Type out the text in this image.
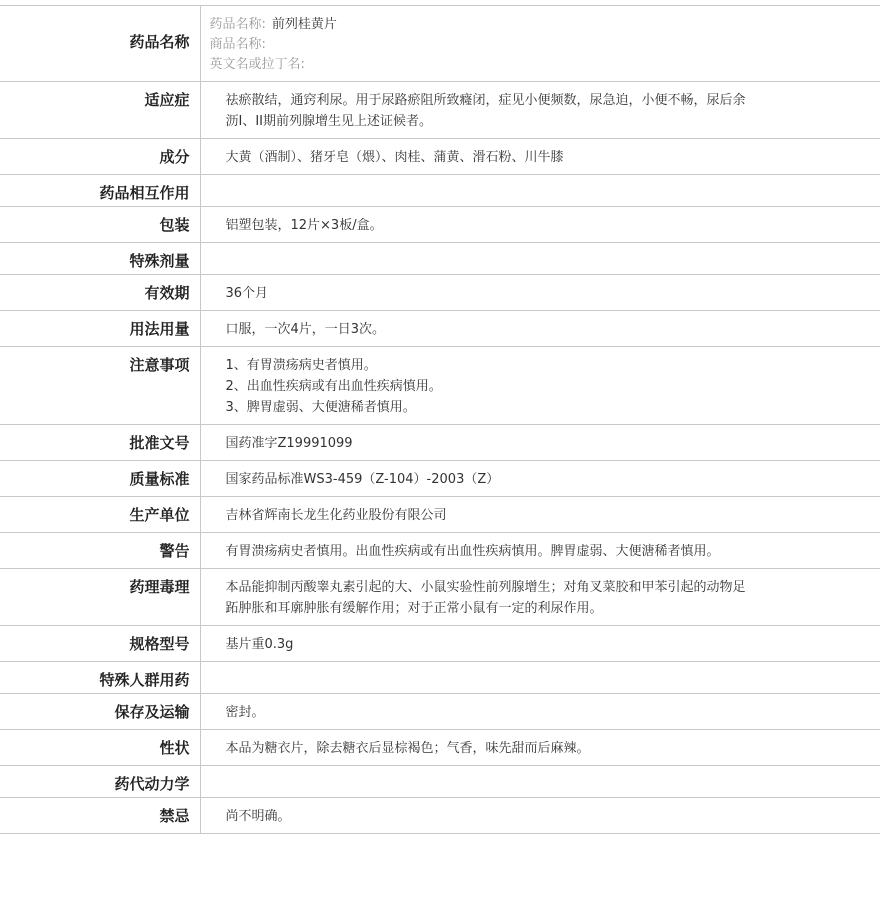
药品名称	药品名称: 前列桂黄片
商品名称:
英文名或拉丁名:

适应症	祛瘀散结，通窍利尿。用于尿路瘀阻所致癃闭，症见小便频数，尿急迫，小便不畅，尿后余
沥I、II期前列腺增生见上述证候者。

成分	大黄（酒制）、猪牙皂（煨）、肉桂、蒲黄、滑石粉、川牛膝

药品相互作用	

包装	铝塑包装，12片×3板/盒。

特殊剂量	

有效期	36个月

用法用量	口服，一次4片，一日3次。

注意事项	1、有胃溃疡病史者慎用。
2、出血性疾病或有出血性疾病慎用。
3、脾胃虚弱、大便溏稀者慎用。

批准文号	国药准字Z19991099

质量标准	国家药品标准WS3-459（Z-104）-2003（Z）

生产单位	吉林省辉南长龙生化药业股份有限公司

警告	有胃溃疡病史者慎用。出血性疾病或有出血性疾病慎用。脾胃虚弱、大便溏稀者慎用。

药理毒理	本品能抑制丙酸睾丸素引起的大、小鼠实验性前列腺增生；对角叉菜胶和甲苯引起的动物足
跖肿胀和耳廓肿胀有缓解作用；对于正常小鼠有一定的利尿作用。

规格型号	基片重0.3g

特殊人群用药	

保存及运输	密封。

性状	本品为糖衣片，除去糖衣后显棕褐色；气香，味先甜而后麻辣。

药代动力学	

禁忌	尚不明确。
